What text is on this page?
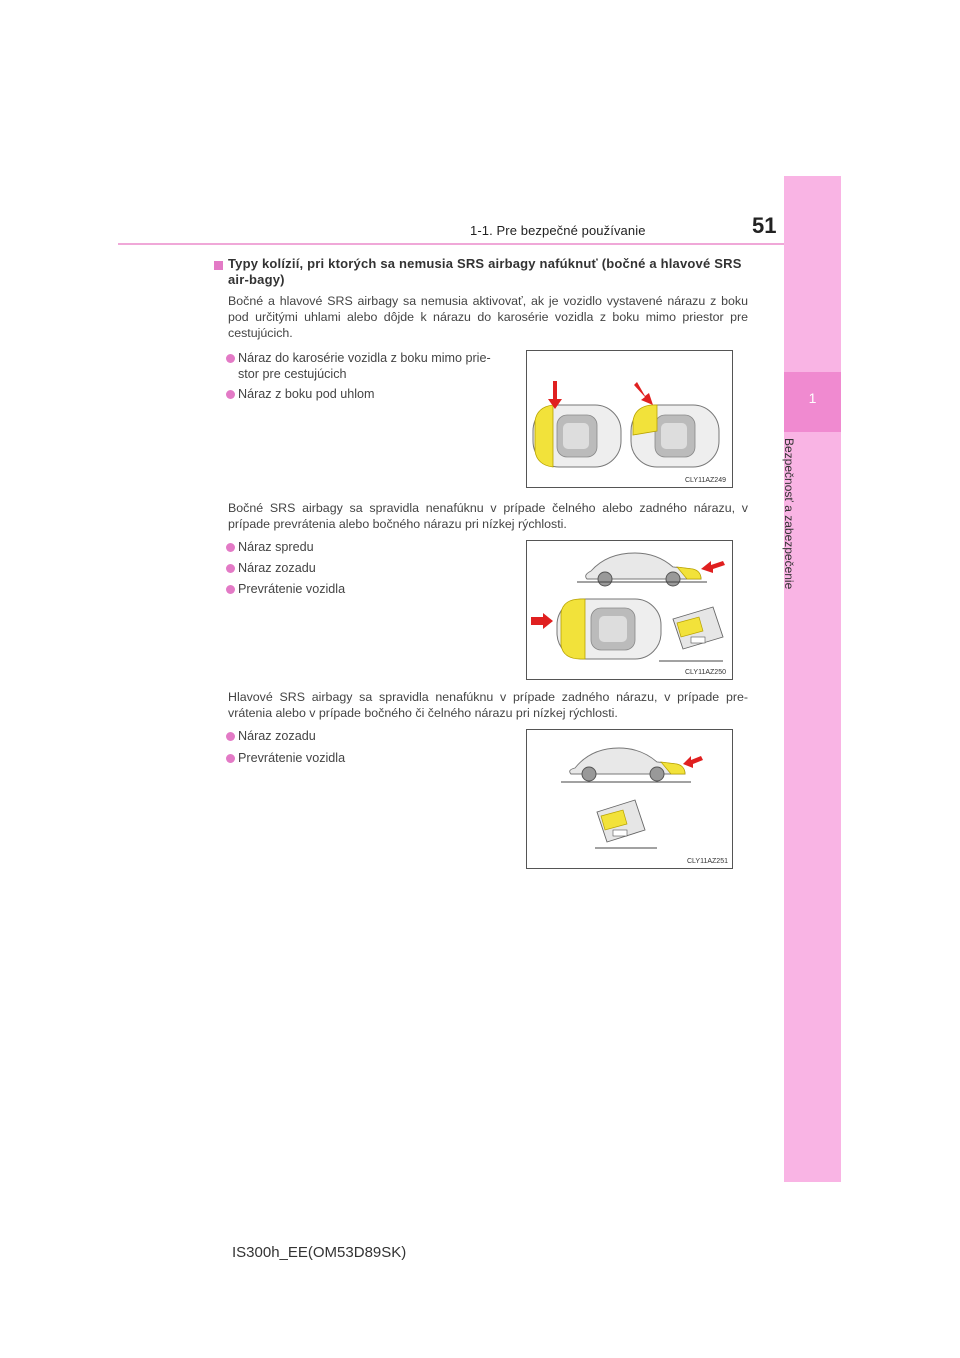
1-1. Pre bezpečné používanie	51
1
Bezpečnosť a zabezpečenie
Typy kolízií, pri ktorých sa nemusia SRS airbagy nafúknuť (bočné a hlavové SRS air-bagy)
Bočné a hlavové SRS airbagy sa nemusia aktivovať, ak je vozidlo vystavené nárazu z boku pod určitými uhlami alebo dôjde k nárazu do karosérie vozidla z boku mimo priestor pre cestujúcich.
Náraz do karosérie vozidla z boku mimo prie-
stor pre cestujúcich
Náraz z boku pod uhlom
CLY11AZ249
Bočné SRS airbagy sa spravidla nenafúknu v prípade čelného alebo zadného nárazu, v prípade prevrátenia alebo bočného nárazu pri nízkej rýchlosti.
Náraz spredu
Náraz zozadu
Prevrátenie vozidla
CLY11AZ250
Hlavové SRS airbagy sa spravidla nenafúknu v prípade zadného nárazu, v prípade pre-vrátenia alebo v prípade bočného či čelného nárazu pri nízkej rýchlosti.
Náraz zozadu
Prevrátenie vozidla
CLY11AZ251
IS300h_EE(OM53D89SK)
